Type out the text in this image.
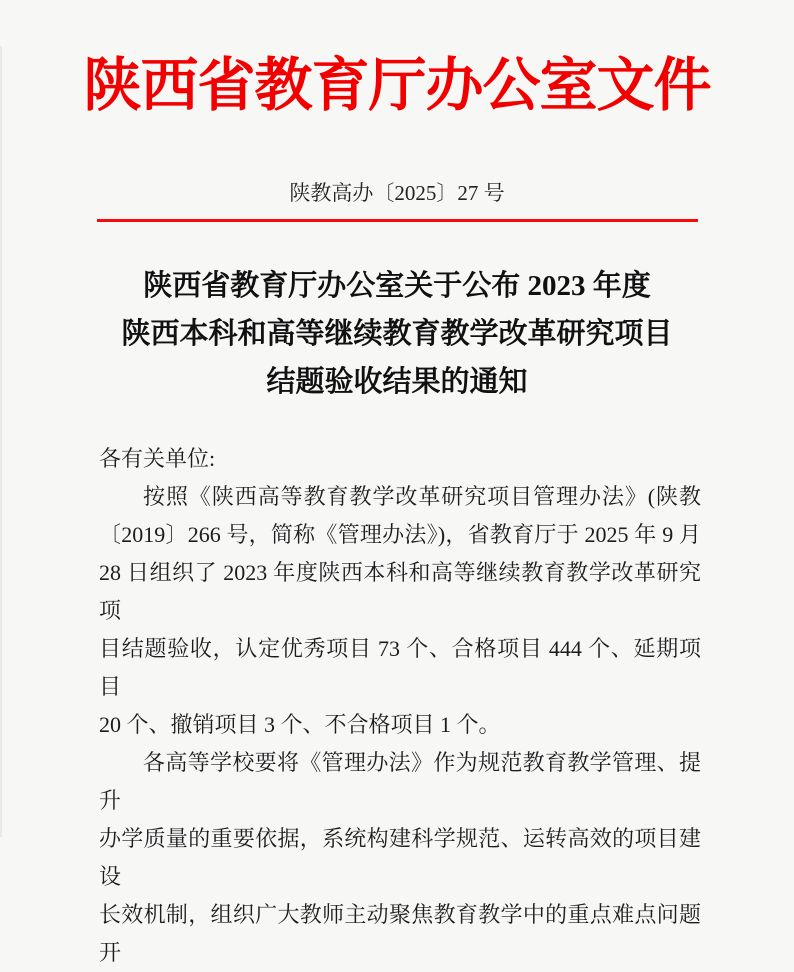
陕西省教育厅办公室文件
陕教高办〔2025〕27 号
陕西省教育厅办公室关于公布 2023 年度
陕西本科和高等继续教育教学改革研究项目
结题验收结果的通知
各有关单位:
按照《陕西高等教育教学改革研究项目管理办法》(陕教
〔2019〕266 号，简称《管理办法》)，省教育厅于 2025 年 9 月
28 日组织了 2023 年度陕西本科和高等继续教育教学改革研究项
目结题验收，认定优秀项目 73 个、合格项目 444 个、延期项目
20 个、撤销项目 3 个、不合格项目 1 个。
各高等学校要将《管理办法》作为规范教育教学管理、提升
办学质量的重要依据，系统构建科学规范、运转高效的项目建设
长效机制，组织广大教师主动聚焦教育教学中的重点难点问题开
